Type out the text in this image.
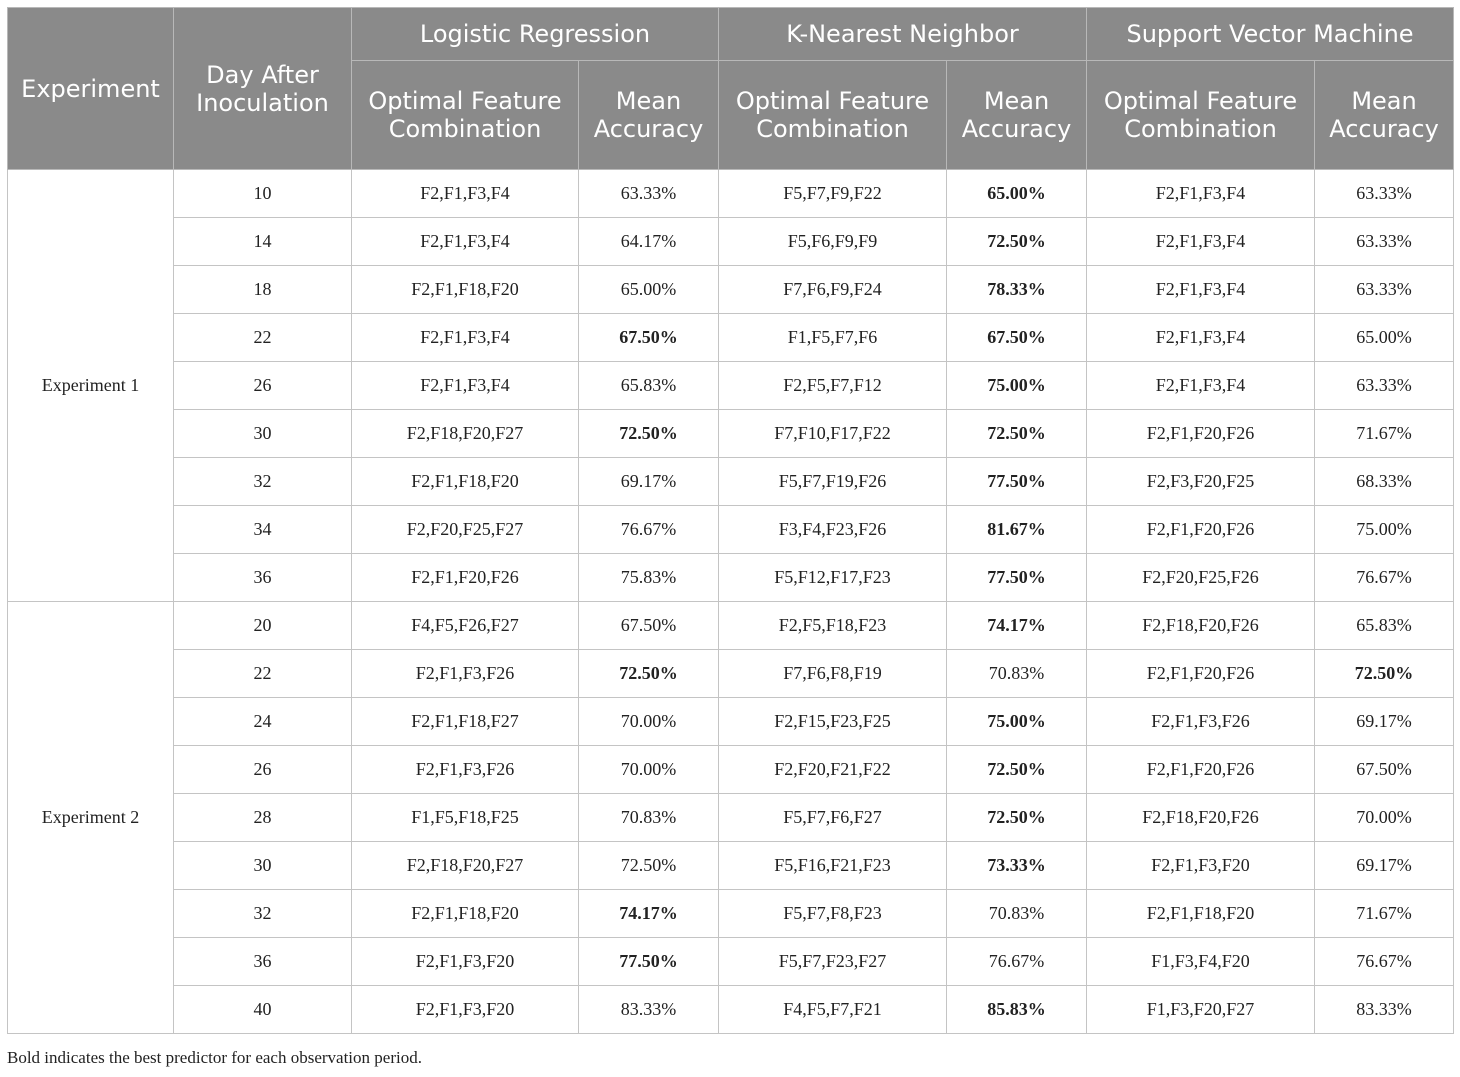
Experiment	Day After Inoculation	Logistic Regression		K-Nearest Neighbor		Support Vector Machine	
		Optimal Feature Combination	Mean Accuracy	Optimal Feature Combination	Mean Accuracy	Optimal Feature Combination	Mean Accuracy
Experiment 1	10	F2,F1,F3,F4	63.33%	F5,F7,F9,F22	65.00%	F2,F1,F3,F4	63.33%
	14	F2,F1,F3,F4	64.17%	F5,F6,F9,F9	72.50%	F2,F1,F3,F4	63.33%
	18	F2,F1,F18,F20	65.00%	F7,F6,F9,F24	78.33%	F2,F1,F3,F4	63.33%
	22	F2,F1,F3,F4	67.50%	F1,F5,F7,F6	67.50%	F2,F1,F3,F4	65.00%
	26	F2,F1,F3,F4	65.83%	F2,F5,F7,F12	75.00%	F2,F1,F3,F4	63.33%
	30	F2,F18,F20,F27	72.50%	F7,F10,F17,F22	72.50%	F2,F1,F20,F26	71.67%
	32	F2,F1,F18,F20	69.17%	F5,F7,F19,F26	77.50%	F2,F3,F20,F25	68.33%
	34	F2,F20,F25,F27	76.67%	F3,F4,F23,F26	81.67%	F2,F1,F20,F26	75.00%
	36	F2,F1,F20,F26	75.83%	F5,F12,F17,F23	77.50%	F2,F20,F25,F26	76.67%
Experiment 2	20	F4,F5,F26,F27	67.50%	F2,F5,F18,F23	74.17%	F2,F18,F20,F26	65.83%
	22	F2,F1,F3,F26	72.50%	F7,F6,F8,F19	70.83%	F2,F1,F20,F26	72.50%
	24	F2,F1,F18,F27	70.00%	F2,F15,F23,F25	75.00%	F2,F1,F3,F26	69.17%
	26	F2,F1,F3,F26	70.00%	F2,F20,F21,F22	72.50%	F2,F1,F20,F26	67.50%
	28	F1,F5,F18,F25	70.83%	F5,F7,F6,F27	72.50%	F2,F18,F20,F26	70.00%
	30	F2,F18,F20,F27	72.50%	F5,F16,F21,F23	73.33%	F2,F1,F3,F20	69.17%
	32	F2,F1,F18,F20	74.17%	F5,F7,F8,F23	70.83%	F2,F1,F18,F20	71.67%
	36	F2,F1,F3,F20	77.50%	F5,F7,F23,F27	76.67%	F1,F3,F4,F20	76.67%
	40	F2,F1,F3,F20	83.33%	F4,F5,F7,F21	85.83%	F1,F3,F20,F27	83.33%
Bold indicates the best predictor for each observation period.
